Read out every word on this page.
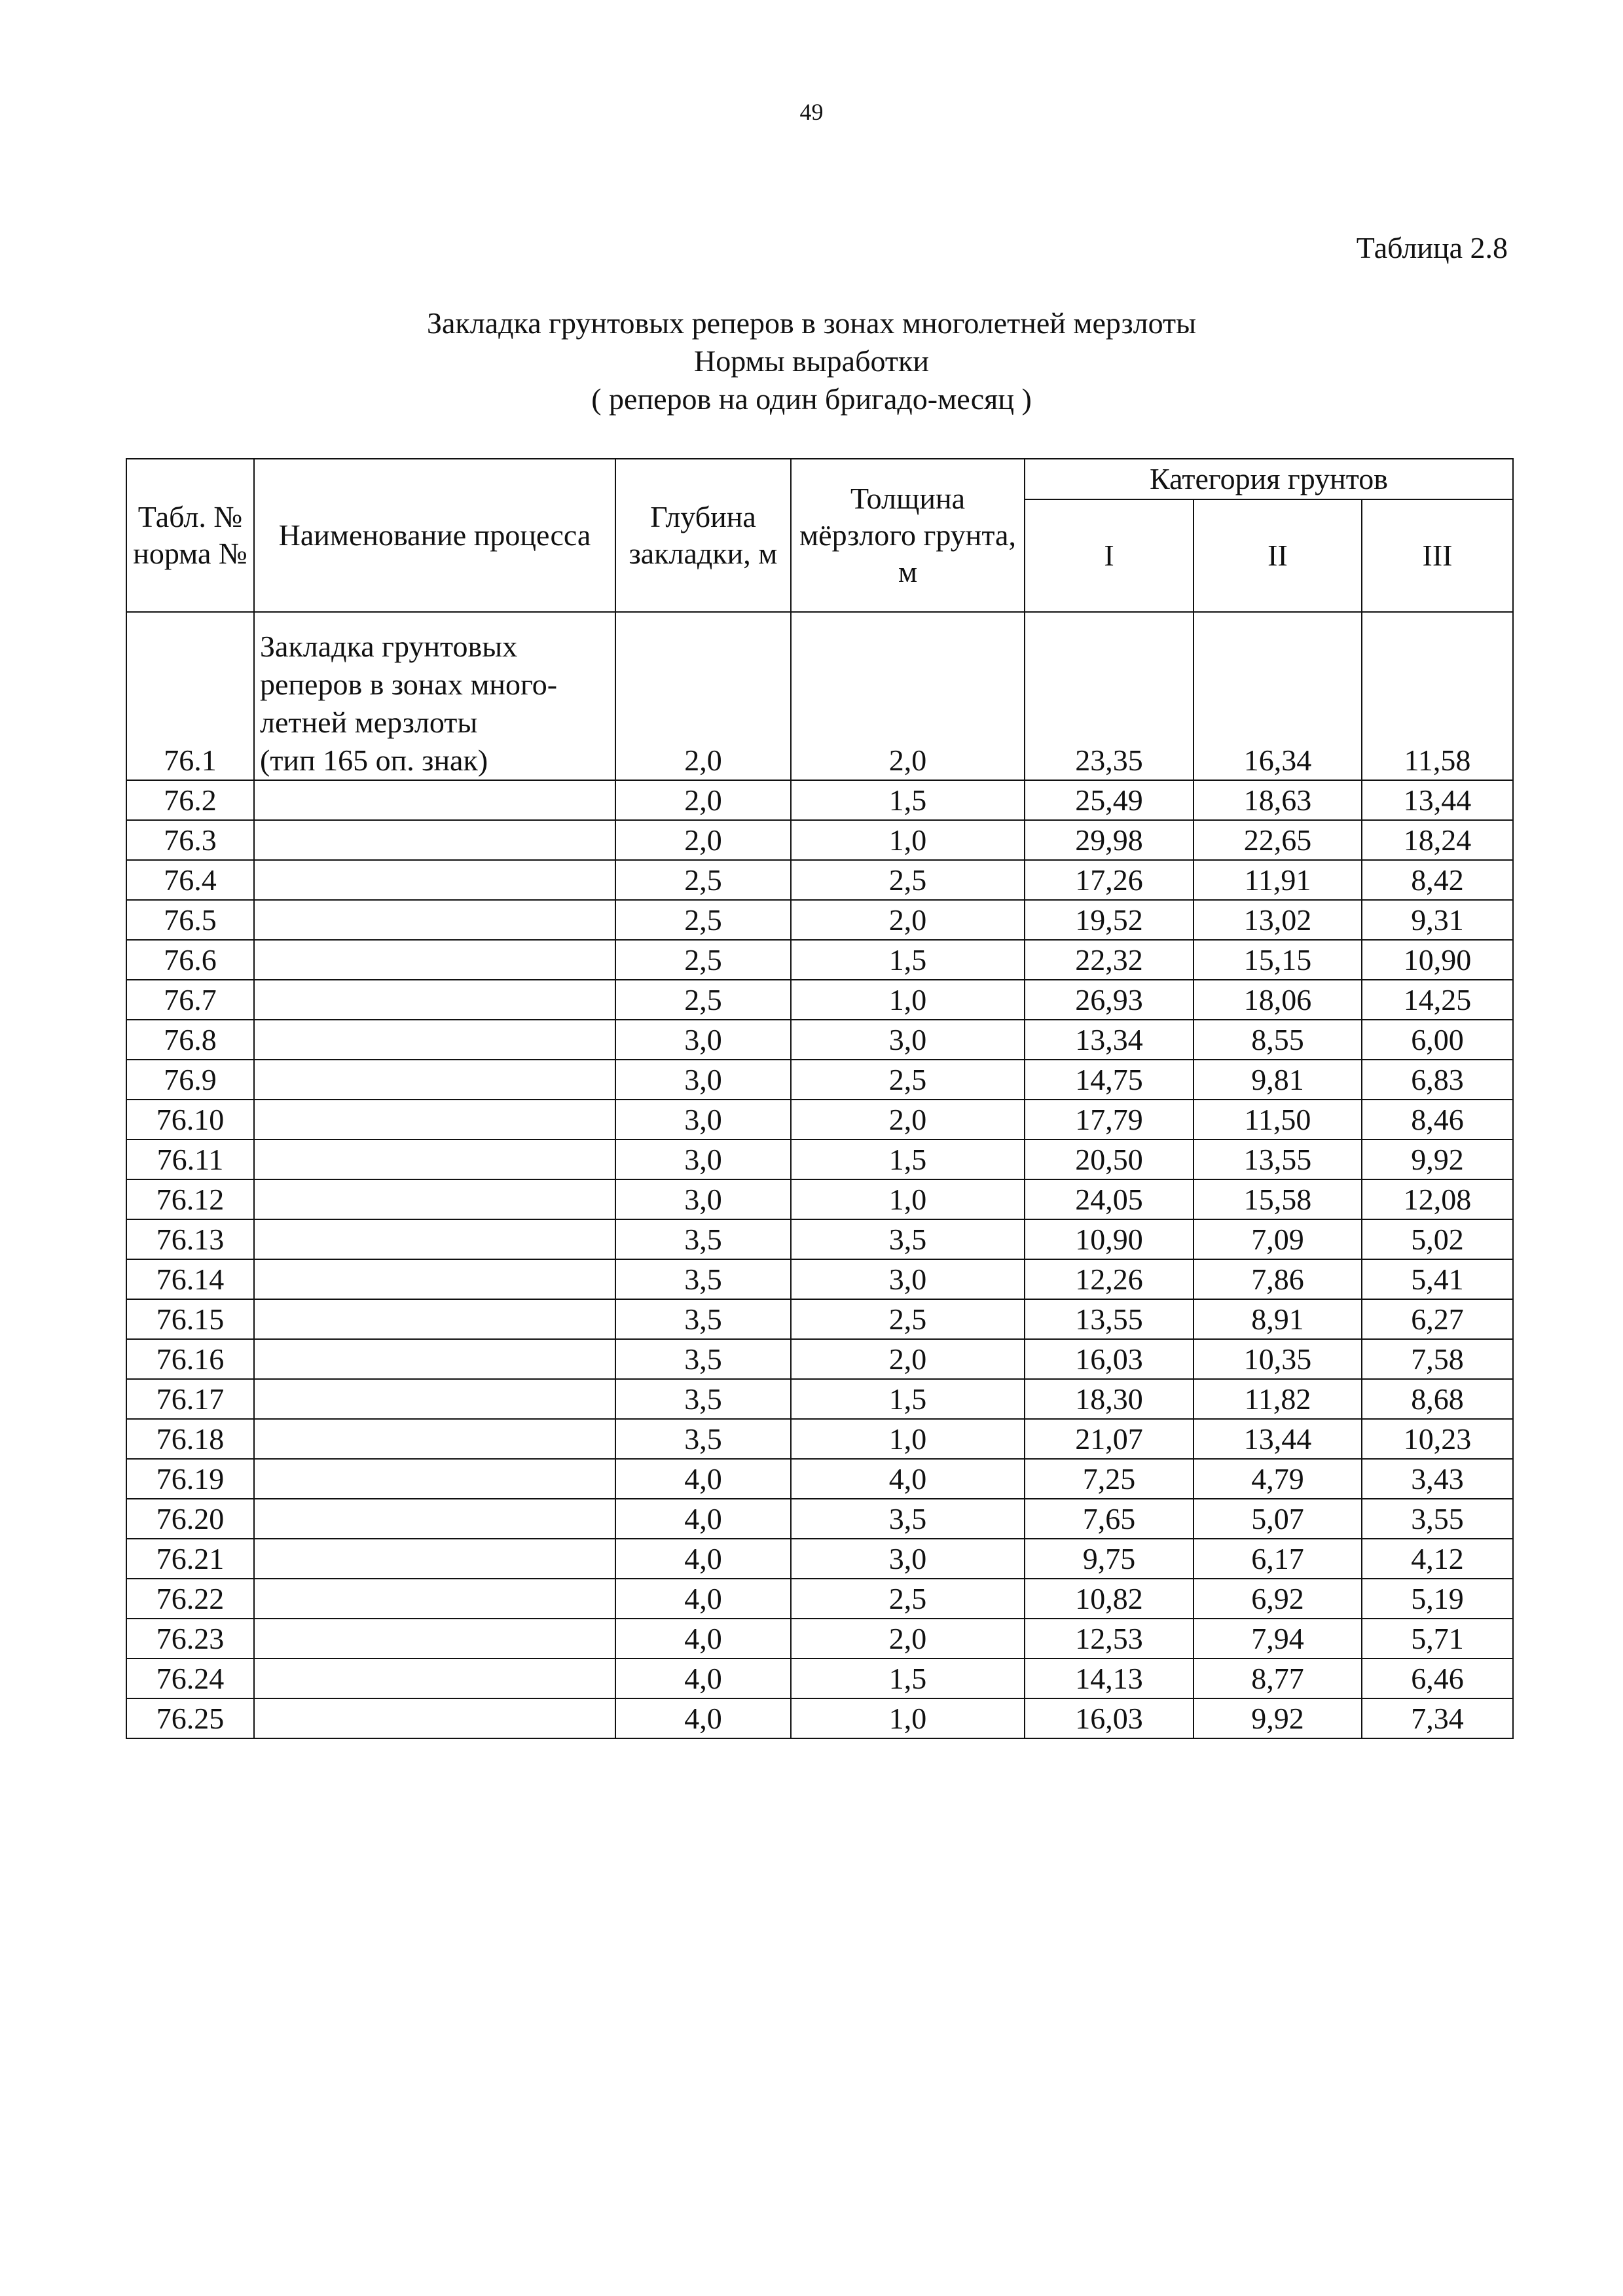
49
Таблица 2.8
Закладка грунтовых реперов в зонах многолетней мерзлоты
Нормы выработки
( реперов на один бригадо-месяц )
Табл. № норма №	Наименование процесса	Глубина закладки, м	Толщина мёрзлого грунта, м	Категория грунтов		
				I	II	III
76.1	Закладка грунтовых
реперов в зонах много-
летней мерзлоты
(тип 165 оп. знак)	2,0	2,0	23,35	16,34	11,58
76.2		2,0	1,5	25,49	18,63	13,44
76.3		2,0	1,0	29,98	22,65	18,24
76.4		2,5	2,5	17,26	11,91	8,42
76.5		2,5	2,0	19,52	13,02	9,31
76.6		2,5	1,5	22,32	15,15	10,90
76.7		2,5	1,0	26,93	18,06	14,25
76.8		3,0	3,0	13,34	8,55	6,00
76.9		3,0	2,5	14,75	9,81	6,83
76.10		3,0	2,0	17,79	11,50	8,46
76.11		3,0	1,5	20,50	13,55	9,92
76.12		3,0	1,0	24,05	15,58	12,08
76.13		3,5	3,5	10,90	7,09	5,02
76.14		3,5	3,0	12,26	7,86	5,41
76.15		3,5	2,5	13,55	8,91	6,27
76.16		3,5	2,0	16,03	10,35	7,58
76.17		3,5	1,5	18,30	11,82	8,68
76.18		3,5	1,0	21,07	13,44	10,23
76.19		4,0	4,0	7,25	4,79	3,43
76.20		4,0	3,5	7,65	5,07	3,55
76.21		4,0	3,0	9,75	6,17	4,12
76.22		4,0	2,5	10,82	6,92	5,19
76.23		4,0	2,0	12,53	7,94	5,71
76.24		4,0	1,5	14,13	8,77	6,46
76.25		4,0	1,0	16,03	9,92	7,34
